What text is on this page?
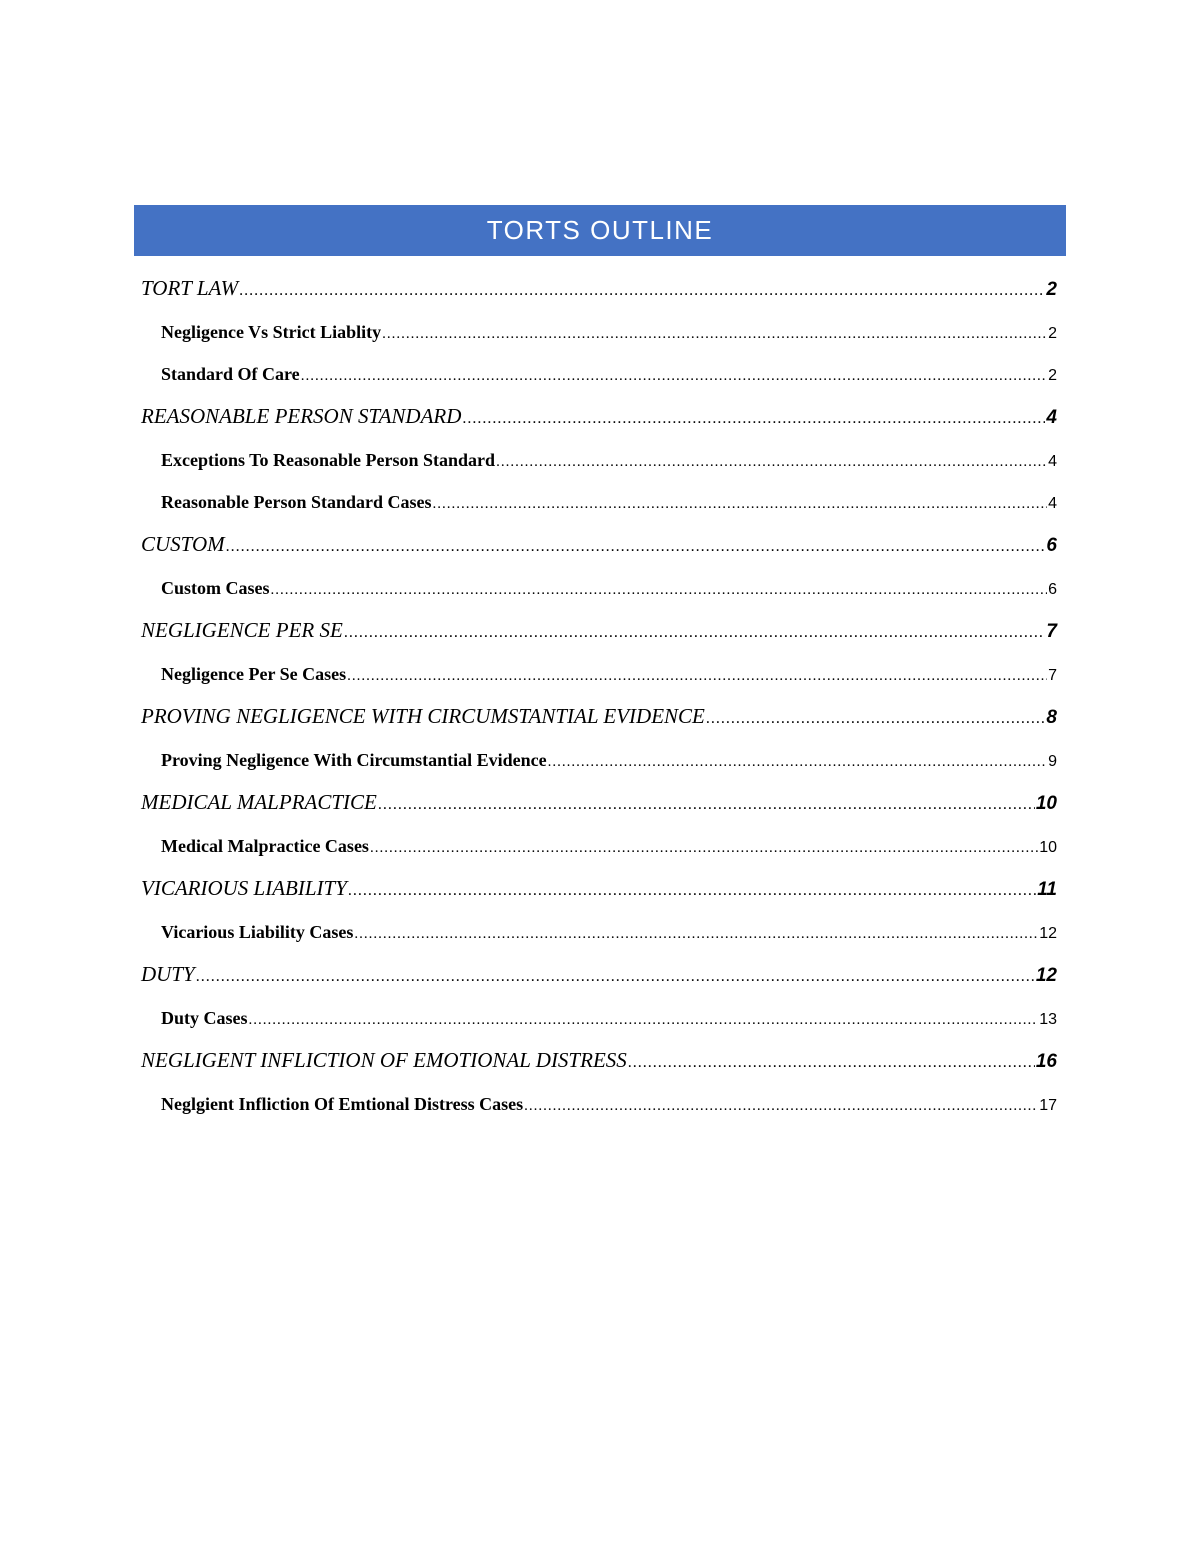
TORTS OUTLINE
TORT LAW .....	2
Negligence Vs Strict Liablity .....	2
Standard Of Care .....	2
REASONABLE PERSON STANDARD .....	4
Exceptions To Reasonable Person Standard .....	4
Reasonable Person Standard Cases .....	4
CUSTOM .....	6
Custom Cases .....	6
NEGLIGENCE PER SE .....	7
Negligence Per Se Cases .....	7
PROVING NEGLIGENCE WITH CIRCUMSTANTIAL EVIDENCE .....	8
Proving Negligence With Circumstantial Evidence .....	9
MEDICAL MALPRACTICE .....	10
Medical Malpractice Cases .....	10
VICARIOUS LIABILITY .....	11
Vicarious Liability Cases .....	12
DUTY .....	12
Duty Cases .....	13
NEGLIGENT INFLICTION OF EMOTIONAL DISTRESS .....	16
Neglgient Infliction Of Emtional Distress Cases .....	17
